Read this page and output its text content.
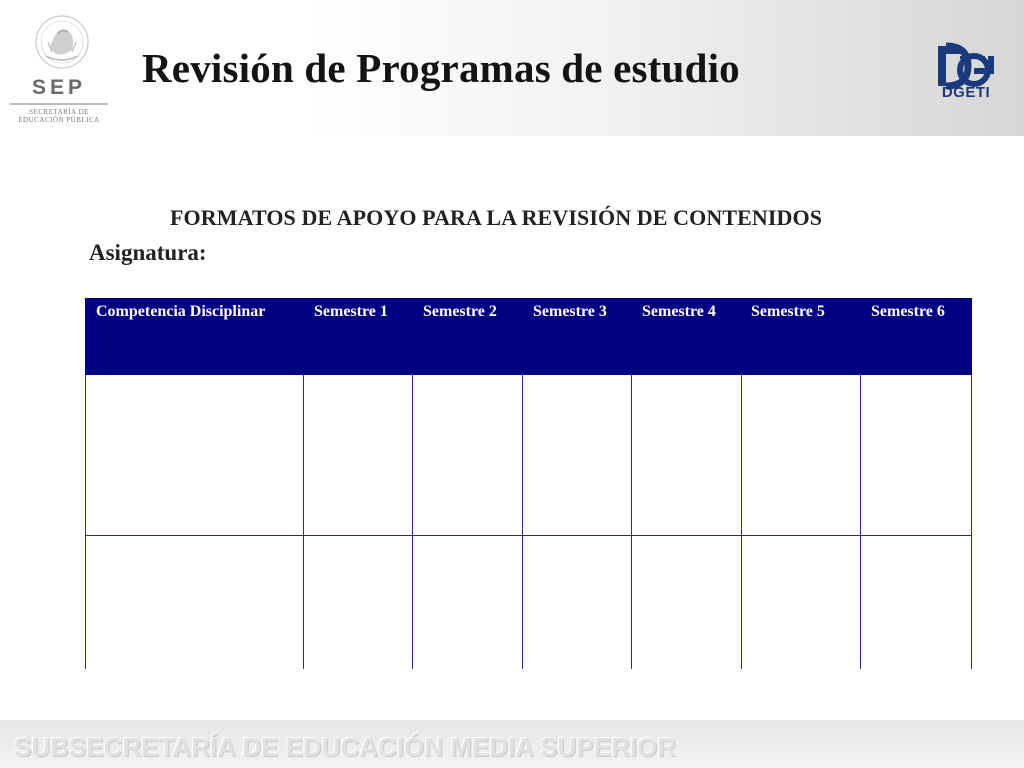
SEP
SECRETARÍA DE
EDUCACIÓN PÚBLICA
Revisión de Programas de estudio
DGETI
FORMATOS DE APOYO PARA LA REVISIÓN DE CONTENIDOS
Asignatura:
Competencia Disciplinar	Semestre 1	Semestre 2	Semestre 3	Semestre 4	Semestre 5	Semestre 6

SUBSECRETARÍA DE EDUCACIÓN MEDIA SUPERIOR
